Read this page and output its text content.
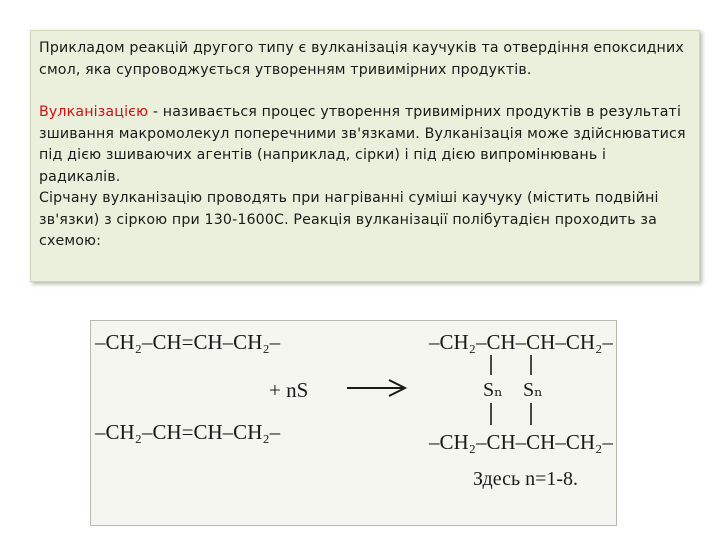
Прикладом реакцій другого типу є вулканізація каучуків та отвердіння епоксидних смол, яка супроводжується утворенням тривимірних продуктів.

Вулканізацією - називається процес утворення тривимірних продуктів в результаті зшивання макромолекул поперечними зв'язками. Вулканізація може здійснюватися під дією зшиваючих агентів (наприклад, сірки) і під дією випромінювань і радикалів.

Сірчану вулканізацію проводять при нагріванні суміші каучуку (містить подвійні зв'язки) з сіркою при 130-1600С. Реакція вулканізації полібутадієн проходить за схемою:

–CH₂–CH=CH–CH₂–
–CH₂–CH=CH–CH₂–
+ nS
–CH₂–CH–CH–CH₂–
Sₙ Sₙ
–CH₂–CH–CH–CH₂–
Здесь n=1-8.
